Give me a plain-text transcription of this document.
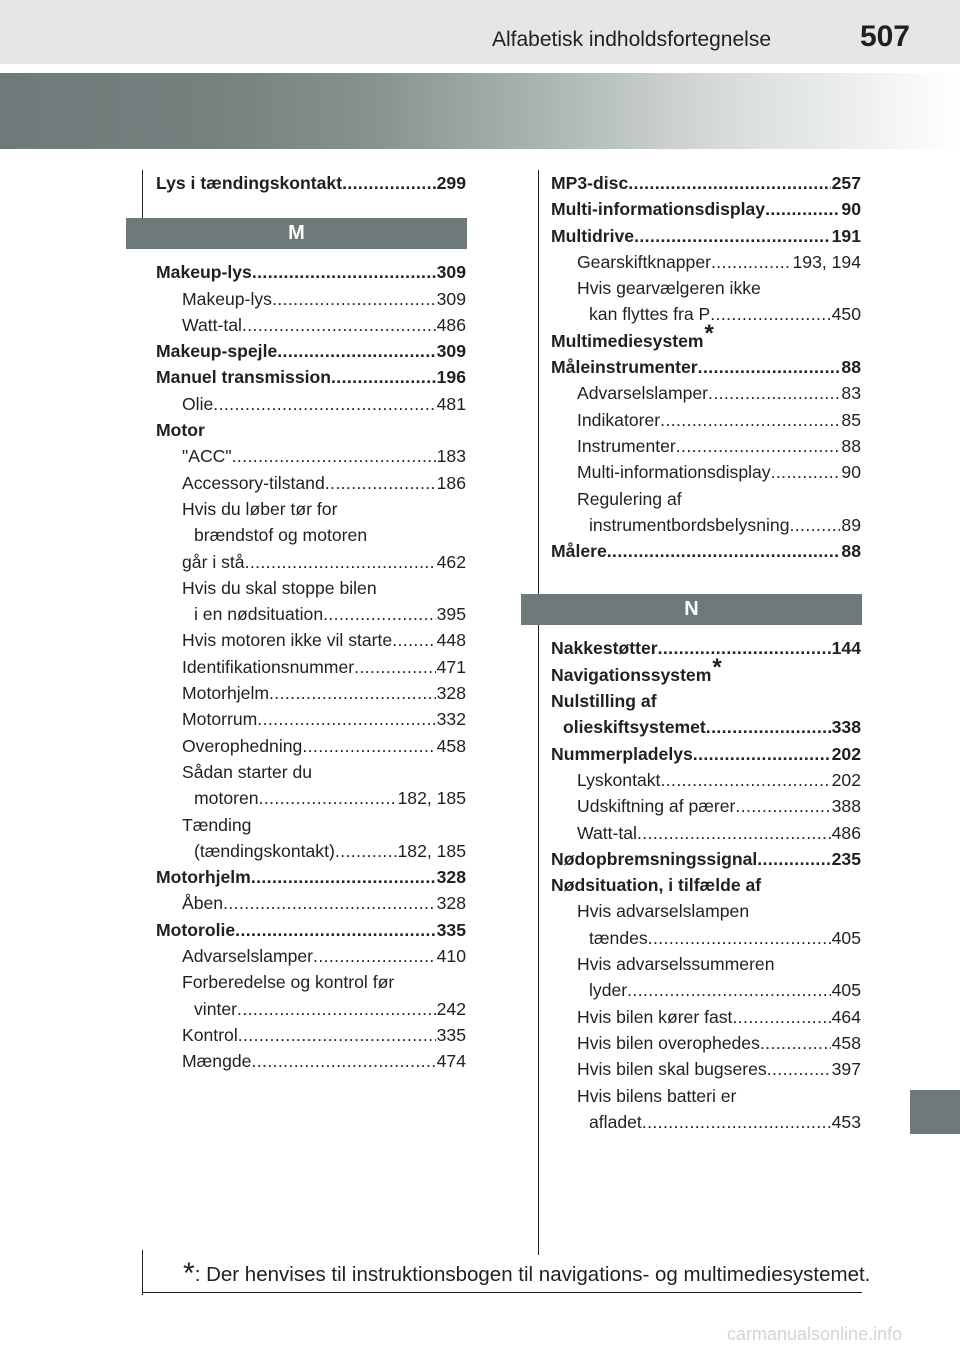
Alfabetisk indholdsfortegnelse	507
Lys i tændingskontakt .....	299
M
Makeup-lys .....	309
Makeup-lys .....	309
Watt-tal .....	486
Makeup-spejle .....	309
Manuel transmission .....	196
Olie .....	481
Motor
"ACC" .....	183
Accessory-tilstand .....	186
Hvis du løber tør for
brændstof og motoren
går i stå .....	462
Hvis du skal stoppe bilen
i en nødsituation .....	395
Hvis motoren ikke vil starte .....	448
Identifikationsnummer .....	471
Motorhjelm .....	328
Motorrum .....	332
Overophedning .....	458
Sådan starter du
motoren .....	182, 185
Tænding
(tændingskontakt) .....	182, 185
Motorhjelm .....	328
Åben .....	328
Motorolie .....	335
Advarselslamper .....	410
Forberedelse og kontrol før
vinter .....	242
Kontrol .....	335
Mængde .....	474
MP3-disc .....	257
Multi-informationsdisplay .....	90
Multidrive .....	191
Gearskiftknapper .....	193, 194
Hvis gearvælgeren ikke
kan flyttes fra P .....	450
Multimediesystem *
Måleinstrumenter .....	88
Advarselslamper .....	83
Indikatorer .....	85
Instrumenter .....	88
Multi-informationsdisplay .....	90
Regulering af
instrumentbordsbelysning .....	89
Målere .....	88
N
Nakkestøtter .....	144
Navigationssystem *
Nulstilling af
olieskiftsystemet .....	338
Nummerpladelys .....	202
Lyskontakt .....	202
Udskiftning af pærer .....	388
Watt-tal .....	486
Nødopbremsningssignal .....	235
Nødsituation, i tilfælde af
Hvis advarselslampen
tændes .....	405
Hvis advarselssummeren
lyder .....	405
Hvis bilen kører fast .....	464
Hvis bilen overophedes .....	458
Hvis bilen skal bugseres .....	397
Hvis bilens batteri er
afladet .....	453
*: Der henvises til instruktionsbogen til navigations- og multimediesystemet.
carmanualsonline.info
